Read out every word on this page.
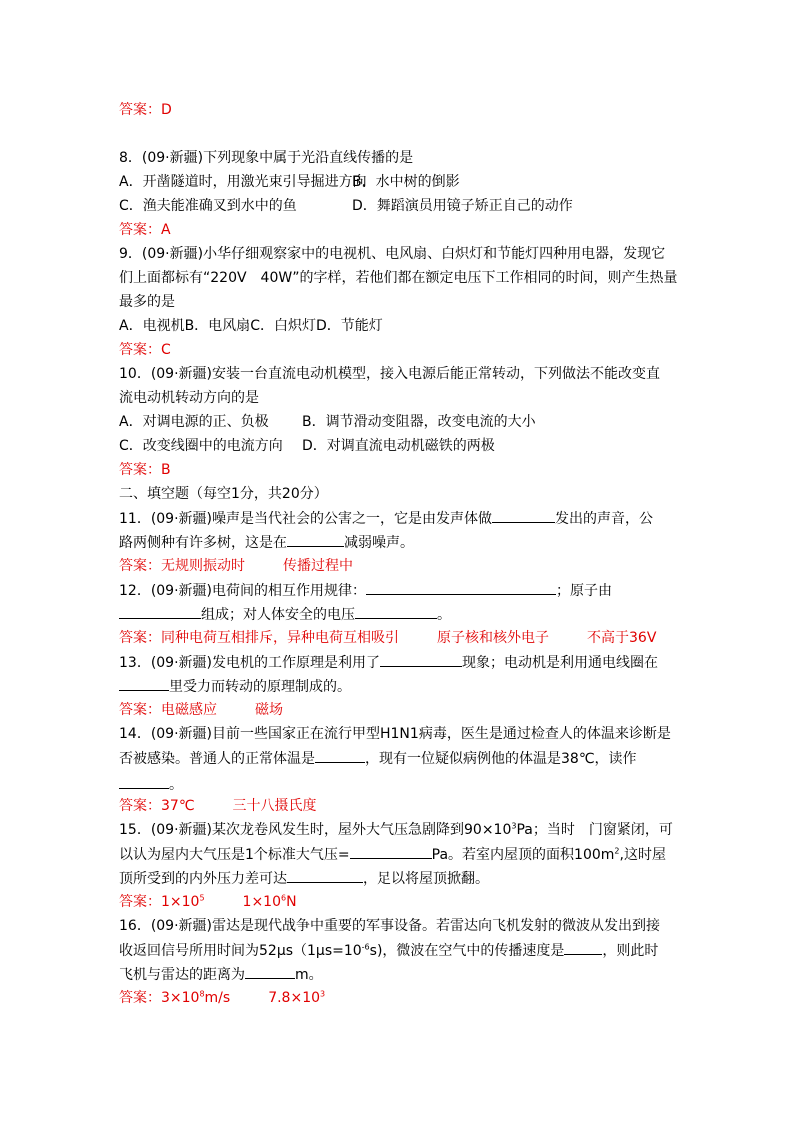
答案：D
8．(09·新疆)下列现象中属于光沿直线传播的是
A．开凿隧道时，用激光束引导掘进方向
B．水中树的倒影
C．渔夫能准确叉到水中的鱼	D．舞蹈演员用镜子矫正自己的动作
答案：A
9．(09·新疆)小华仔细观察家中的电视机、电风扇、白炽灯和节能灯四种用电器，发现它
们上面都标有“220V　40W”的字样，若他们都在额定电压下工作相同的时间，则产生热量
最多的是
A．电视机B．电风扇C．白炽灯D．节能灯
答案：C
10．(09·新疆)安装一台直流电动机模型，接入电源后能正常转动，下列做法不能改变直
流电动机转动方向的是
A．对调电源的正、负极 B．调节滑动变阻器，改变电流的大小
C．改变线圈中的电流方向 D．对调直流电动机磁铁的两极
答案：B
二、填空题（每空1分，共20分）
11．(09·新疆)噪声是当代社会的公害之一，它是由发声体做	发出的声音，公
路两侧种有许多树，这是在	减弱噪声。
答案：无规则振动时	传播过程中
12．(09·新疆)电荷间的相互作用规律：	；原子由
组成；对人体安全的电压	。
答案：同种电荷互相排斥，异种电荷互相吸引	原子核和核外电子	不高于36V
13．(09·新疆)发电机的工作原理是利用了	现象；电动机是利用通电线圈在
里受力而转动的原理制成的。
答案：电磁感应	磁场
14．(09·新疆)目前一些国家正在流行甲型H1N1病毒，医生是通过检查人的体温来诊断是
否被感染。普通人的正常体温是	，现有一位疑似病例他的体温是38℃，读作
。
答案：37℃	三十八摄氏度
15．(09·新疆)某次龙卷风发生时，屋外大气压急剧降到$90\times 10^3Pa$；当时　门窗紧闭，可
以认为屋内大气压是1个标准大气压=	Pa。若室内屋顶的面积$100m^2$,这时屋
顶所受到的内外压力差可达	，足以将屋顶掀翻。
答案：$1\times 10^5$	$1\times 10^6N$
16．(09·新疆)雷达是现代战争中重要的军事设备。若雷达向飞机发射的微波从发出到接
收返回信号所用时间为$52\mu s(1\mu s=10^{-6}s)$，微波在空气中的传播速度是	，则此时
飞机与雷达的距离为	m。
答案：$3\times 10^8m/s$	$7.8\times 10^3$
